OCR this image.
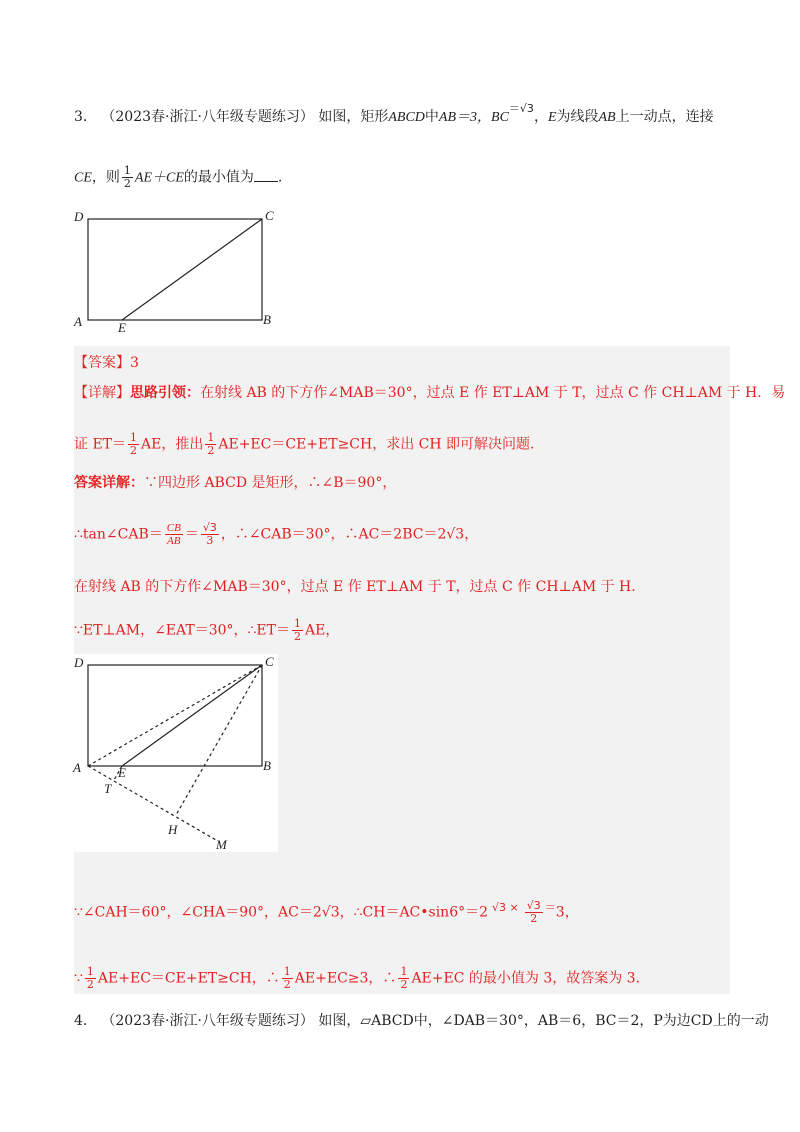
3． （2023春·浙江·八年级专题练习） 如图，矩形ABCD中AB＝3，$BC^{=√3}$，E为线段AB上一动点，连接
CE，则 $\frac{1}{2} AE+CE$的最小值为 .
D	C
A	E
B
【答案】3
【详解】思路引领：在射线 AB 的下方作∠MAB＝30°，过点 E 作 ET⊥AM 于 T，过点 C 作 CH⊥AM 于 H．易
证 $ET= \frac{1}{2}$ AE，推出 $\frac{1}{2} AE+EC=CE+ET\ge CH$，求出 CH 即可解决问题.
答案详解：∵四边形 ABCD 是矩形，∴∠B＝90°，
∴tan∠CAB＝ $\frac{CB}{AB} = \frac{√3}{3}$ ，∴∠CAB＝30°，∴AC＝2BC＝2√3，
在射线 AB 的下方作∠MAB＝30°，过点 E 作 ET⊥AM 于 T，过点 C 作 CH⊥AM 于 H.
∵ET⊥AM，∠EAT＝30°，∴ET＝ $\frac{1}{2}$ AE，
D	C
A	E	B
T
H
M
∵∠CAH＝60°，∠CHA＝90°，AC＝2√3，∴CH＝AC•sin6°＝2 $√3 \times \frac{√3}{2} ^=3$，
∵ $\frac{1}{2} AE+EC=CE+ET\ge CH$，∴ $\frac{1}{2} AE+EC\ge 3$，∴ $\frac{1}{2} AE+EC$ 的最小值为 3，故答案为 3.
4． （2023春·浙江·八年级专题练习） 如图，▱ABCD中，∠DAB＝30°，AB＝6，BC＝2，P为边CD上的一动
